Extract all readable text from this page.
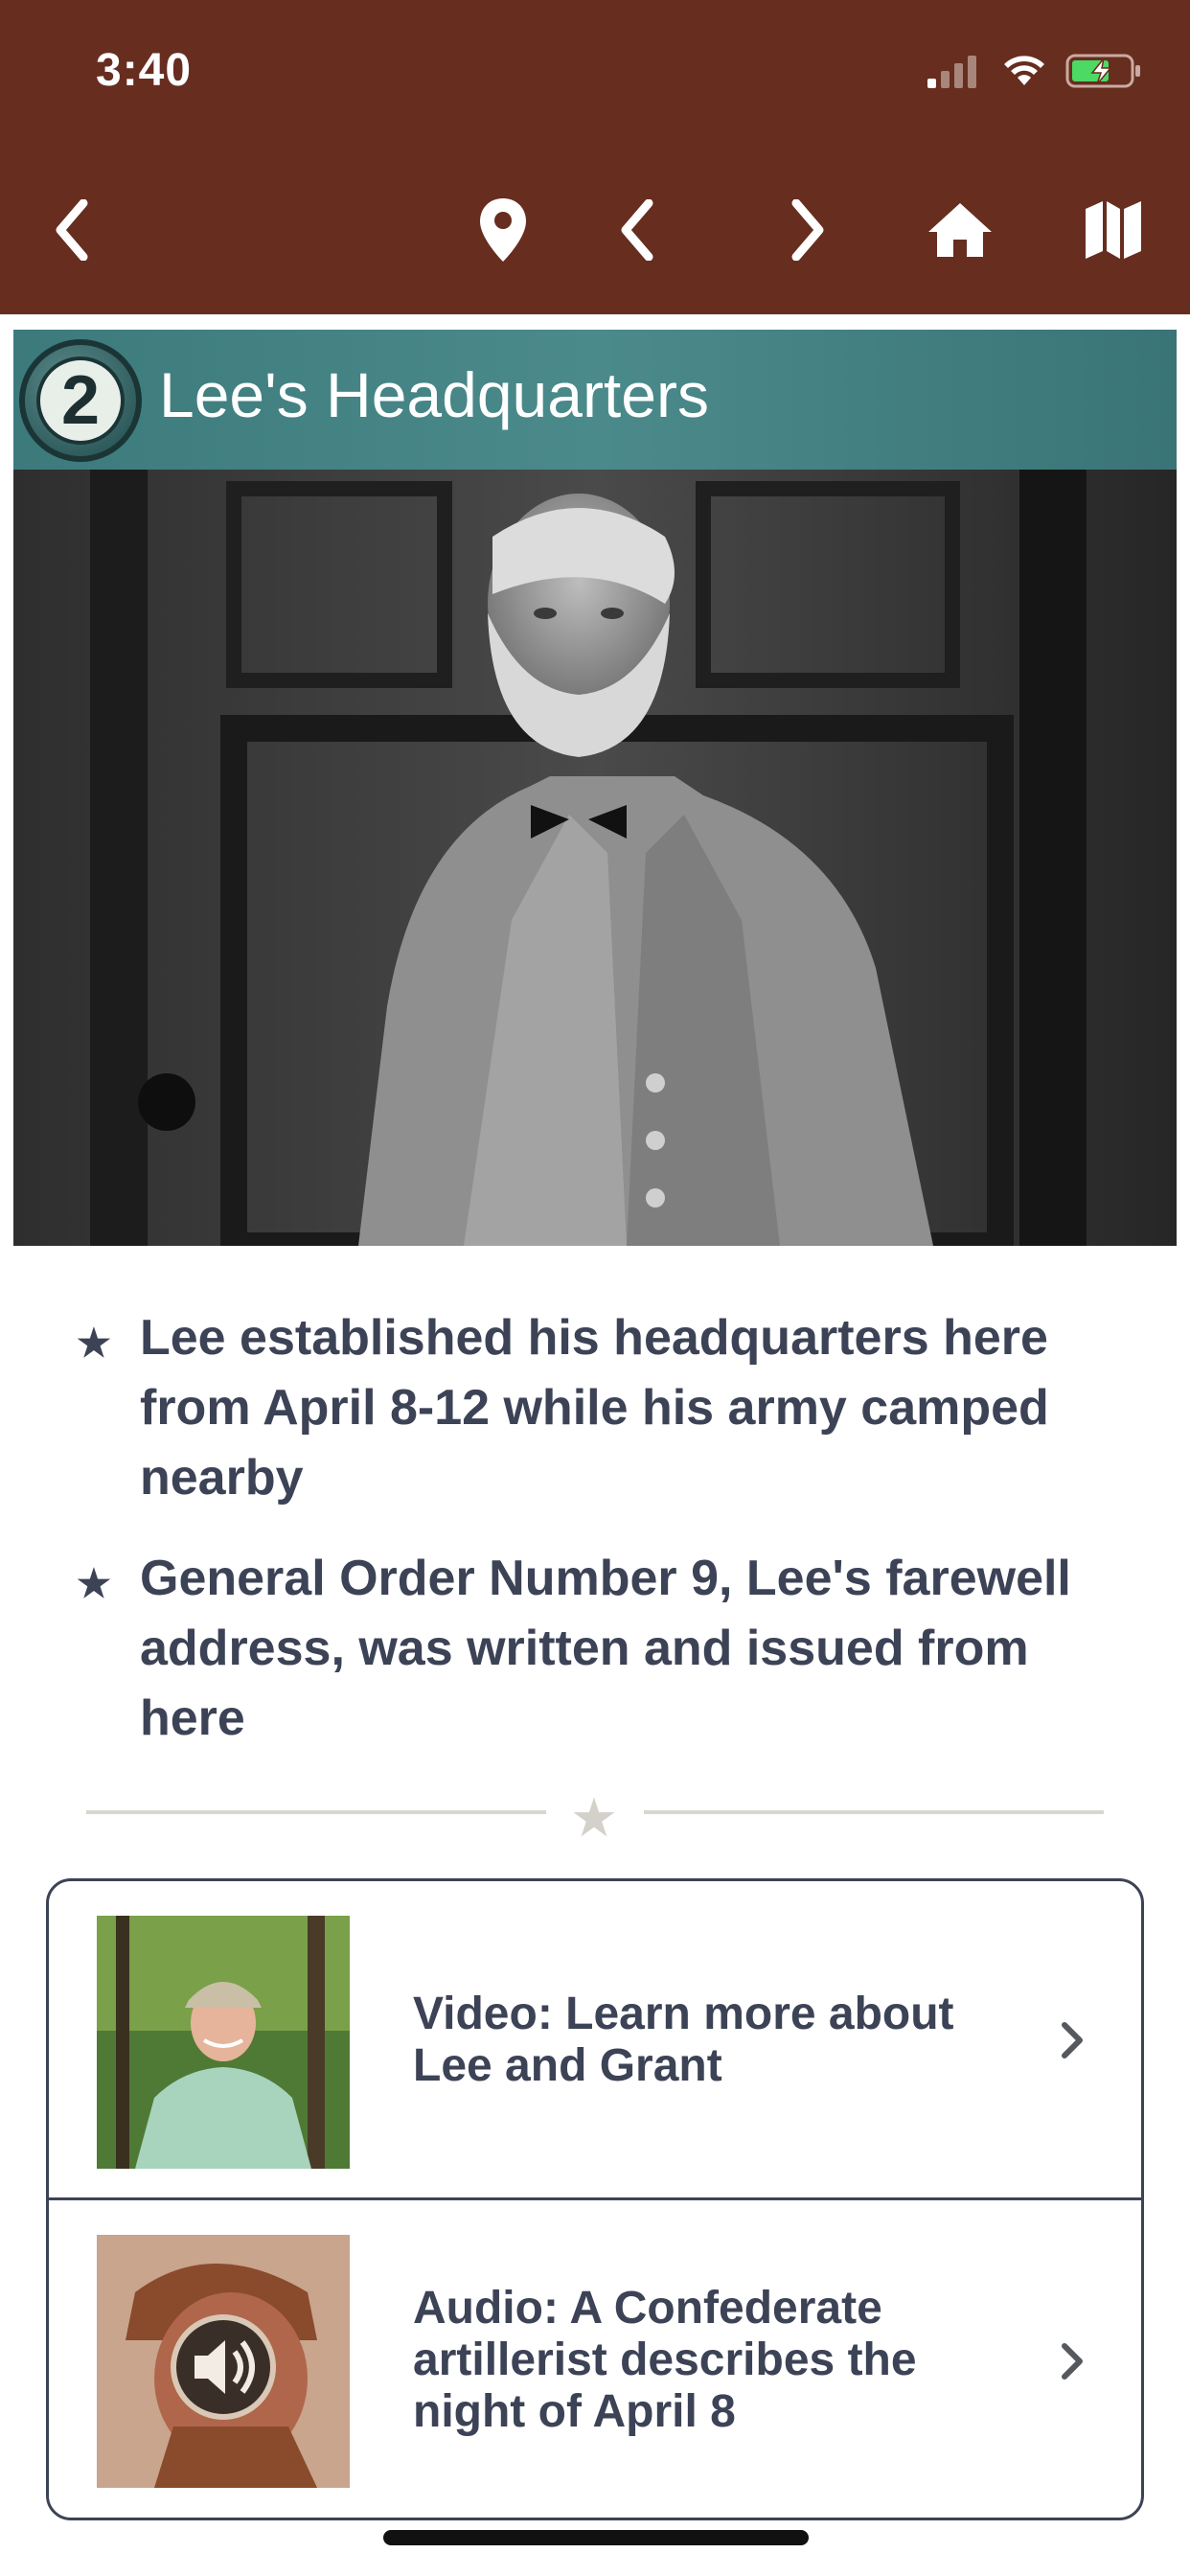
3:40
2 Lee's Headquarters
★ Lee established his headquarters here from April 8-12 while his army camped nearby
★ General Order Number 9, Lee's farewell address, was written and issued from here
★
Video: Learn more about Lee and Grant
Audio: A Confederate artillerist describes the night of April 8
